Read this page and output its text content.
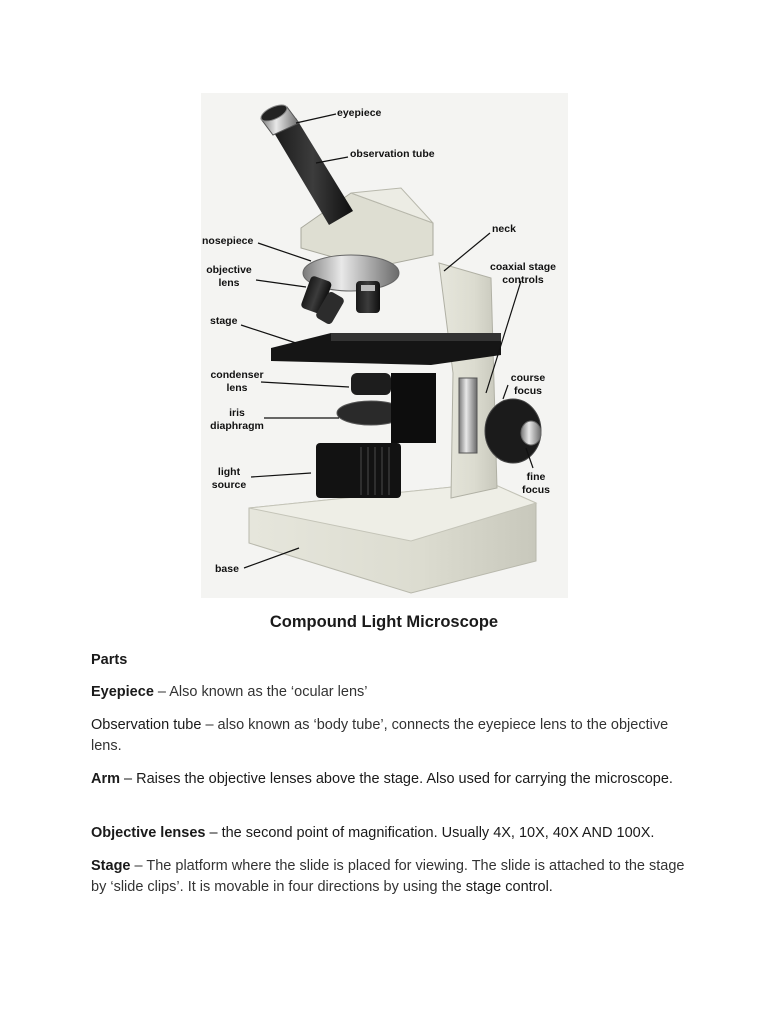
eyepiece
observation tube
neck
nosepiece
coaxial stage
controls
objective
lens
stage
course
focus
condenser
lens
iris
diaphragm
fine
focus
light
source
base
Compound Light Microscope
Parts
Eyepiece – Also known as the ‘ocular lens’
Observation tube – also known as ‘body tube’, connects the eyepiece lens to the objective lens.
Arm – Raises the objective lenses above the stage. Also used for carrying the microscope.
Objective lenses – the second point of magnification. Usually 4X, 10X, 40X AND 100X.
Stage – The platform where the slide is placed for viewing. The slide is attached to the stage by ‘slide clips’. It is movable in four directions by using the stage control.
